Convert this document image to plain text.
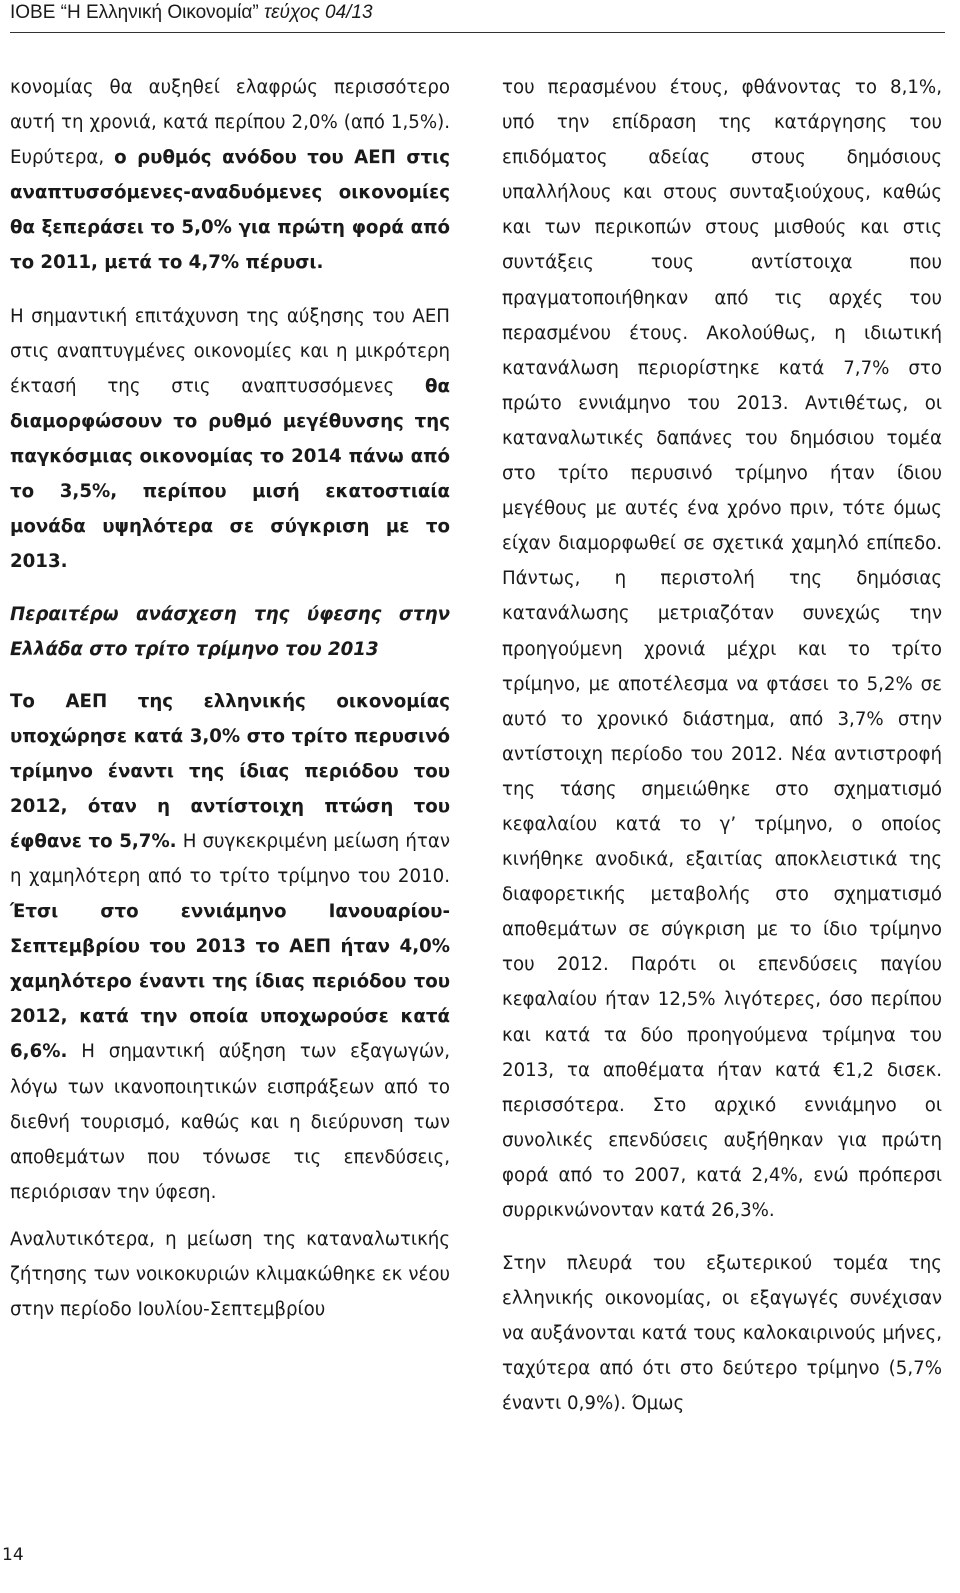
ΙΟΒΕ “Η Ελληνική Οικονομία” τεύχος 04/13

κονομίας θα αυξηθεί ελαφρώς περισσότερο αυτή τη χρονιά, κατά περίπου 2,0% (από 1,5%). Ευρύτερα, ο ρυθμός ανόδου του ΑΕΠ στις αναπτυσσόμενες-αναδυόμενες οικονομίες θα ξεπεράσει το 5,0% για πρώτη φορά από το 2011, μετά το 4,7% πέρυσι.

Η σημαντική επιτάχυνση της αύξησης του ΑΕΠ στις αναπτυγμένες οικονομίες και η μικρότερη έκτασή της στις αναπτυσσόμενες θα διαμορφώσουν το ρυθμό μεγέθυνσης της παγκόσμιας οικονομίας το 2014 πάνω από το 3,5%, περίπου μισή εκατοστιαία μονάδα υψηλότερα σε σύγκριση με το 2013.

Περαιτέρω ανάσχεση της ύφεσης στην Ελλάδα στο τρίτο τρίμηνο του 2013

Το ΑΕΠ της ελληνικής οικονομίας υποχώρησε κατά 3,0% στο τρίτο περυσινό τρίμηνο έναντι της ίδιας περιόδου του 2012, όταν η αντίστοιχη πτώση του έφθανε το 5,7%. Η συγκεκριμένη μείωση ήταν η χαμηλότερη από το τρίτο τρίμηνο του 2010. Έτσι στο εννιάμηνο Ιανουαρίου-Σεπτεμβρίου του 2013 το ΑΕΠ ήταν 4,0% χαμηλότερο έναντι της ίδιας περιόδου του 2012, κατά την οποία υποχωρούσε κατά 6,6%. Η σημαντική αύξηση των εξαγωγών, λόγω των ικανοποιητικών εισπράξεων από το διεθνή τουρισμό, καθώς και η διεύρυνση των αποθεμάτων που τόνωσε τις επενδύσεις, περιόρισαν την ύφεση.

Αναλυτικότερα, η μείωση της καταναλωτικής ζήτησης των νοικοκυριών κλιμακώθηκε εκ νέου στην περίοδο Ιουλίου-Σεπτεμβρίου

του περασμένου έτους, φθάνοντας το 8,1%, υπό την επίδραση της κατάργησης του επιδόματος αδείας στους δημόσιους υπαλλήλους και στους συνταξιούχους, καθώς και των περικοπών στους μισθούς και στις συντάξεις τους αντίστοιχα που πραγματοποιήθηκαν από τις αρχές του περασμένου έτους. Ακολούθως, η ιδιωτική κατανάλωση περιορίστηκε κατά 7,7% στο πρώτο εννιάμηνο του 2013. Αντιθέτως, οι καταναλωτικές δαπάνες του δημόσιου τομέα στο τρίτο περυσινό τρίμηνο ήταν ίδιου μεγέθους με αυτές ένα χρόνο πριν, τότε όμως είχαν διαμορφωθεί σε σχετικά χαμηλό επίπεδο. Πάντως, η περιστολή της δημόσιας κατανάλωσης μετριαζόταν συνεχώς την προηγούμενη χρονιά μέχρι και το τρίτο τρίμηνο, με αποτέλεσμα να φτάσει το 5,2% σε αυτό το χρονικό διάστημα, από 3,7% στην αντίστοιχη περίοδο του 2012. Νέα αντιστροφή της τάσης σημειώθηκε στο σχηματισμό κεφαλαίου κατά το γ’ τρίμηνο, ο οποίος κινήθηκε ανοδικά, εξαιτίας αποκλειστικά της διαφορετικής μεταβολής στο σχηματισμό αποθεμάτων σε σύγκριση με το ίδιο τρίμηνο του 2012. Παρότι οι επενδύσεις παγίου κεφαλαίου ήταν 12,5% λιγότερες, όσο περίπου και κατά τα δύο προηγούμενα τρίμηνα του 2013, τα αποθέματα ήταν κατά €1,2 δισεκ. περισσότερα. Στο αρχικό εννιάμηνο οι συνολικές επενδύσεις αυξήθηκαν για πρώτη φορά από το 2007, κατά 2,4%, ενώ πρόπερσι συρρικνώνονταν κατά 26,3%.

Στην πλευρά του εξωτερικού τομέα της ελληνικής οικονομίας, οι εξαγωγές συνέχισαν να αυξάνονται κατά τους καλοκαιρινούς μήνες, ταχύτερα από ότι στο δεύτερο τρίμηνο (5,7% έναντι 0,9%). Όμως

14
